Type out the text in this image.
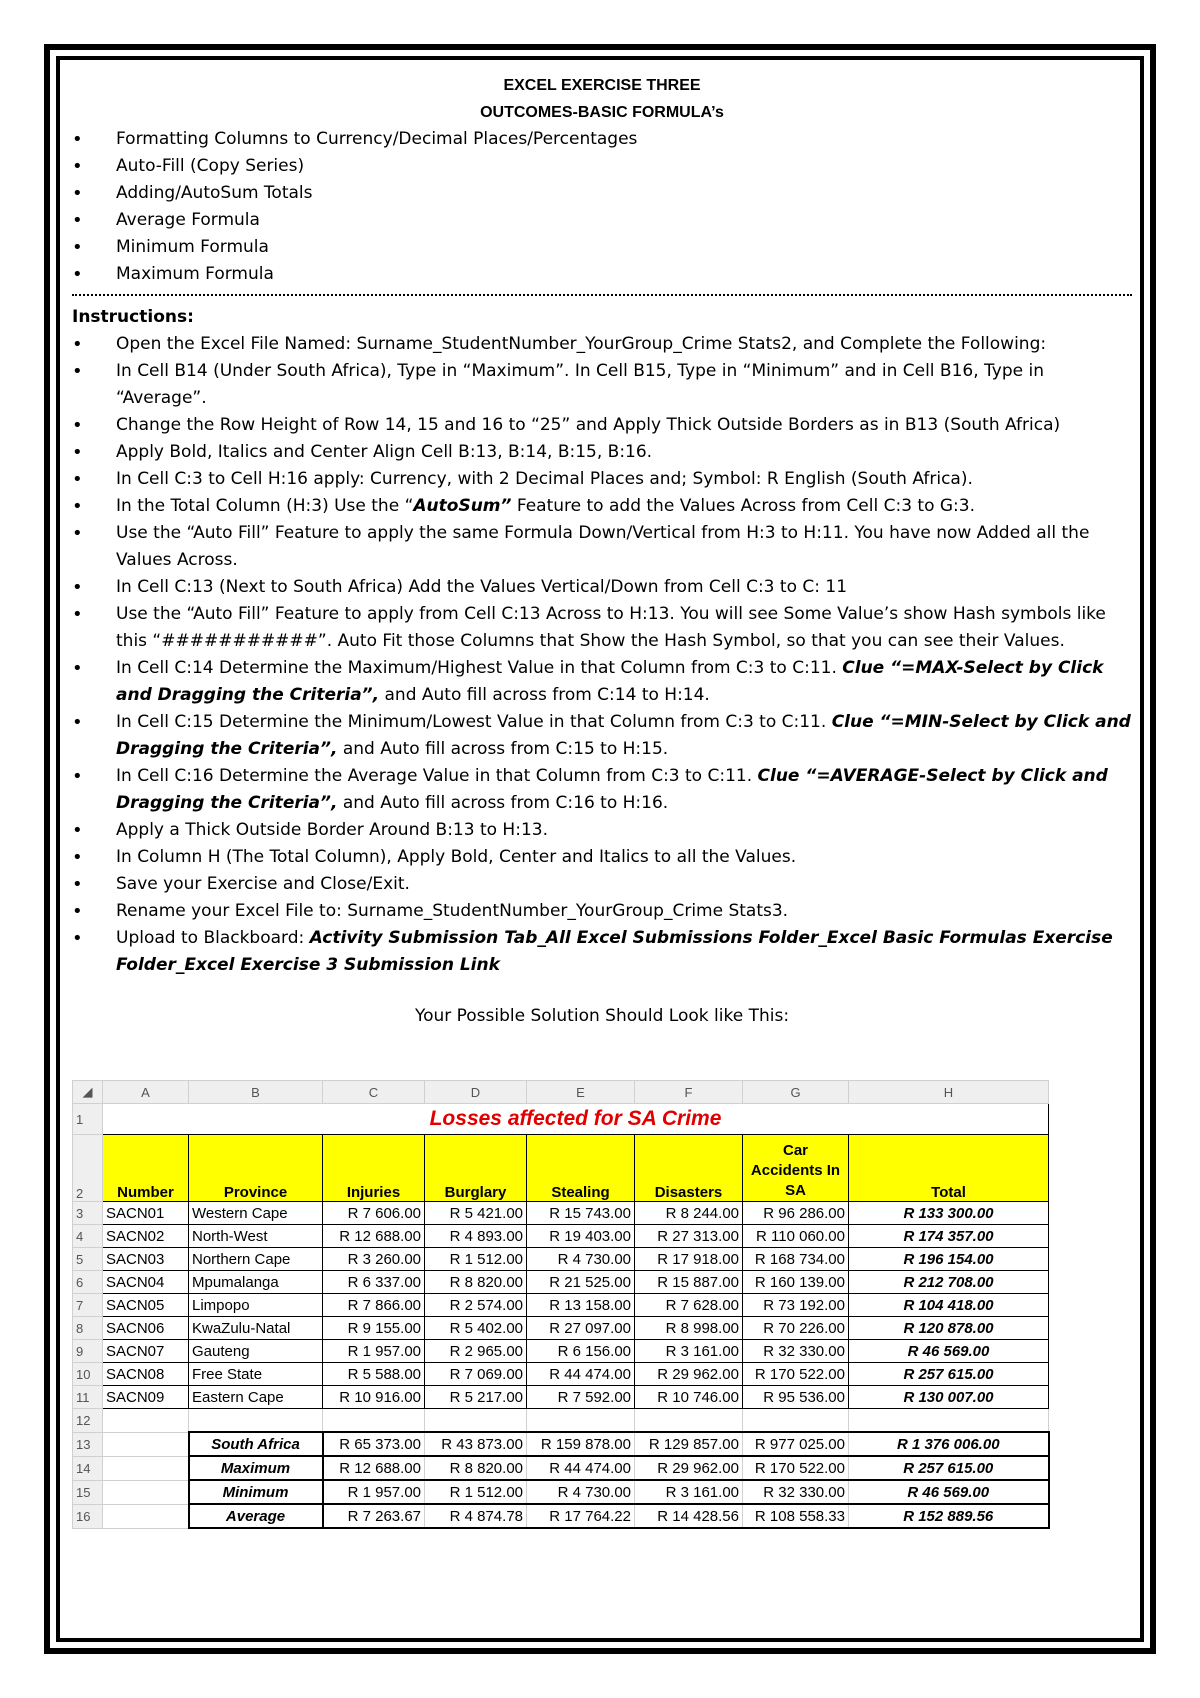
EXCEL EXERCISE THREE
OUTCOMES-BASIC FORMULA’s
• Formatting Columns to Currency/Decimal Places/Percentages
• Auto-Fill (Copy Series)
• Adding/AutoSum Totals
• Average Formula
• Minimum Formula
• Maximum Formula
Instructions:
• Open the Excel File Named: Surname_StudentNumber_YourGroup_Crime Stats2, and Complete the Following:
• In Cell B14 (Under South Africa), Type in “Maximum”. In Cell B15, Type in “Minimum” and in Cell B16, Type in “Average”.
• Change the Row Height of Row 14, 15 and 16 to “25” and Apply Thick Outside Borders as in B13 (South Africa)
• Apply Bold, Italics and Center Align Cell B:13, B:14, B:15, B:16.
• In Cell C:3 to Cell H:16 apply: Currency, with 2 Decimal Places and; Symbol: R English (South Africa).
• In the Total Column (H:3) Use the “AutoSum” Feature to add the Values Across from Cell C:3 to G:3.
• Use the “Auto Fill” Feature to apply the same Formula Down/Vertical from H:3 to H:11. You have now Added all the Values Across.
• In Cell C:13 (Next to South Africa) Add the Values Vertical/Down from Cell C:3 to C: 11
• Use the “Auto Fill” Feature to apply from Cell C:13 Across to H:13. You will see Some Value’s show Hash symbols like this “###########”. Auto Fit those Columns that Show the Hash Symbol, so that you can see their Values.
• In Cell C:14 Determine the Maximum/Highest Value in that Column from C:3 to C:11. Clue “=MAX-Select by Click and Dragging the Criteria”, and Auto fill across from C:14 to H:14.
• In Cell C:15 Determine the Minimum/Lowest Value in that Column from C:3 to C:11. Clue “=MIN-Select by Click and Dragging the Criteria”, and Auto fill across from C:15 to H:15.
• In Cell C:16 Determine the Average Value in that Column from C:3 to C:11. Clue “=AVERAGE-Select by Click and Dragging the Criteria”, and Auto fill across from C:16 to H:16.
• Apply a Thick Outside Border Around B:13 to H:13.
• In Column H (The Total Column), Apply Bold, Center and Italics to all the Values.
• Save your Exercise and Close/Exit.
• Rename your Excel File to: Surname_StudentNumber_YourGroup_Crime Stats3.
• Upload to Blackboard: Activity Submission Tab_All Excel Submissions Folder_Excel Basic Formulas Exercise Folder_Excel Exercise 3 Submission Link
Your Possible Solution Should Look like This:
◢	A	B	C	D	E	F	G	H
1	Losses affected for SA Crime							
2	Number	Province	Injuries	Burglary	Stealing	Disasters	Car Accidents In SA	Total
3	SACN01	Western Cape	R 7 606.00	R 5 421.00	R 15 743.00	R 8 244.00	R 96 286.00	R 133 300.00
4	SACN02	North-West	R 12 688.00	R 4 893.00	R 19 403.00	R 27 313.00	R 110 060.00	R 174 357.00
5	SACN03	Northern Cape	R 3 260.00	R 1 512.00	R 4 730.00	R 17 918.00	R 168 734.00	R 196 154.00
6	SACN04	Mpumalanga	R 6 337.00	R 8 820.00	R 21 525.00	R 15 887.00	R 160 139.00	R 212 708.00
7	SACN05	Limpopo	R 7 866.00	R 2 574.00	R 13 158.00	R 7 628.00	R 73 192.00	R 104 418.00
8	SACN06	KwaZulu-Natal	R 9 155.00	R 5 402.00	R 27 097.00	R 8 998.00	R 70 226.00	R 120 878.00
9	SACN07	Gauteng	R 1 957.00	R 2 965.00	R 6 156.00	R 3 161.00	R 32 330.00	R 46 569.00
10	SACN08	Free State	R 5 588.00	R 7 069.00	R 44 474.00	R 29 962.00	R 170 522.00	R 257 615.00
11	SACN09	Eastern Cape	R 10 916.00	R 5 217.00	R 7 592.00	R 10 746.00	R 95 536.00	R 130 007.00
12								
13		South Africa	R 65 373.00	R 43 873.00	R 159 878.00	R 129 857.00	R 977 025.00	R 1 376 006.00
14		Maximum	R 12 688.00	R 8 820.00	R 44 474.00	R 29 962.00	R 170 522.00	R 257 615.00
15		Minimum	R 1 957.00	R 1 512.00	R 4 730.00	R 3 161.00	R 32 330.00	R 46 569.00
16		Average	R 7 263.67	R 4 874.78	R 17 764.22	R 14 428.56	R 108 558.33	R 152 889.56
